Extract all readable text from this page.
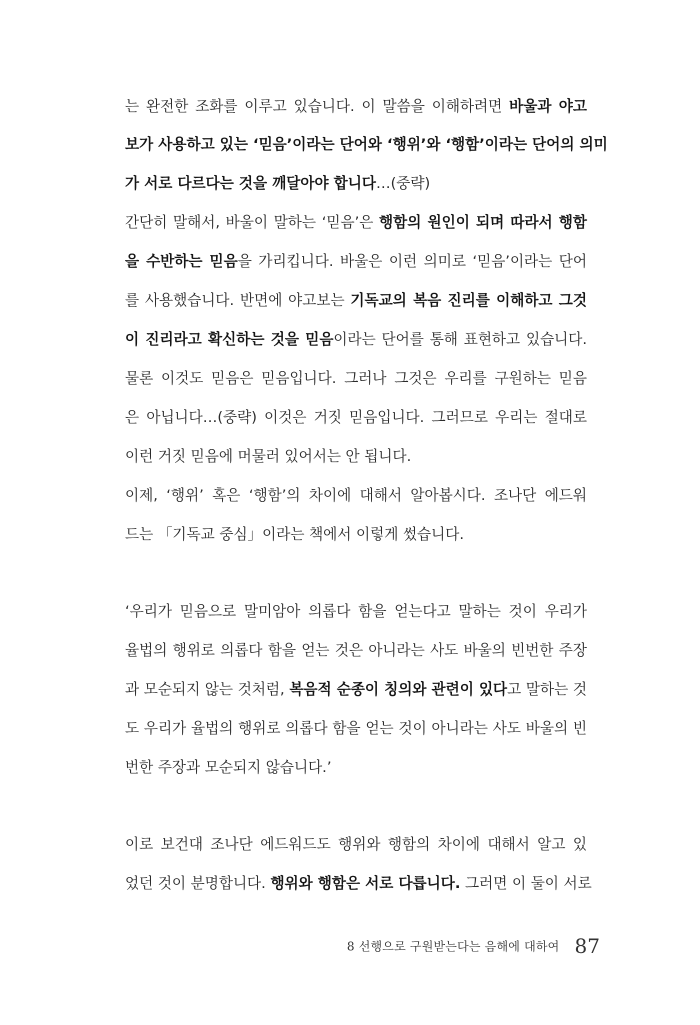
는 완전한 조화를 이루고 있습니다. 이 말씀을 이해하려면 바울과 야고
보가 사용하고 있는 ‘믿음’이라는 단어와 ‘행위’와 ‘행함’이라는 단어의 의미
가 서로 다르다는 것을 깨달아야 합니다…(중략)
간단히 말해서, 바울이 말하는 ‘믿음’은 행함의 원인이 되며 따라서 행함
을 수반하는 믿음을 가리킵니다. 바울은 이런 의미로 ‘믿음’이라는 단어
를 사용했습니다. 반면에 야고보는 기독교의 복음 진리를 이해하고 그것
이 진리라고 확신하는 것을 믿음이라는 단어를 통해 표현하고 있습니다.
물론 이것도 믿음은 믿음입니다. 그러나 그것은 우리를 구원하는 믿음
은 아닙니다…(중략) 이것은 거짓 믿음입니다. 그러므로 우리는 절대로
이런 거짓 믿음에 머물러 있어서는 안 됩니다.
이제, ‘행위’ 혹은 ‘행함’의 차이에 대해서 알아봅시다. 조나단 에드워
드는 「기독교 중심」이라는 책에서 이렇게 썼습니다.
‘우리가 믿음으로 말미암아 의롭다 함을 얻는다고 말하는 것이 우리가
율법의 행위로 의롭다 함을 얻는 것은 아니라는 사도 바울의 빈번한 주장
과 모순되지 않는 것처럼, 복음적 순종이 칭의와 관련이 있다고 말하는 것
도 우리가 율법의 행위로 의롭다 함을 얻는 것이 아니라는 사도 바울의 빈
번한 주장과 모순되지 않습니다.’
이로 보건대 조나단 에드워드도 행위와 행함의 차이에 대해서 알고 있
었던 것이 분명합니다. 행위와 행함은 서로 다릅니다. 그러면 이 둘이 서로
8 선행으로 구원받는다는 음해에 대하여 87
